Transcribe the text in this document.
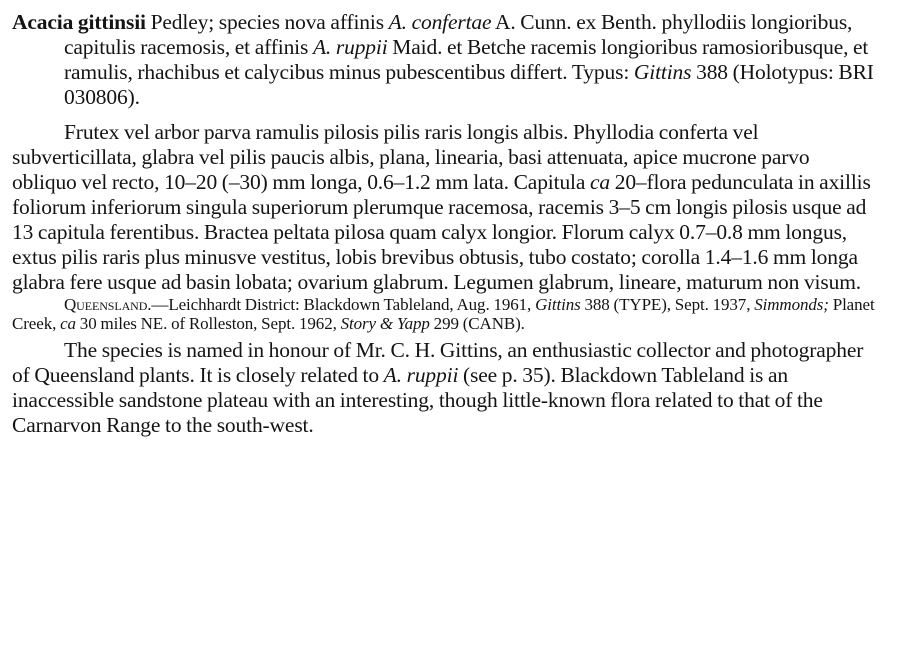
Acacia gittinsii Pedley; species nova affinis A. confertae A. Cunn. ex Benth. phyllodiis longioribus, capitulis racemosis, et affinis A. ruppii Maid. et Betche racemis longioribus ramosioribusque, et ramulis, rhachibus et calycibus minus pubescentibus differt. Typus: Gittins 388 (Holotypus: BRI 030806).

Frutex vel arbor parva ramulis pilosis pilis raris longis albis. Phyllodia conferta vel subverticillata, glabra vel pilis paucis albis, plana, linearia, basi attenuata, apice mucrone parvo obliquo vel recto, 10–20 (–30) mm longa, 0.6–1.2 mm lata. Capitula ca 20–flora pedunculata in axillis foliorum inferiorum singula superiorum plerumque racemosa, racemis 3–5 cm longis pilosis usque ad 13 capitula ferentibus. Bractea peltata pilosa quam calyx longior. Florum calyx 0.7–0.8 mm longus, extus pilis raris plus minusve vestitus, lobis brevibus obtusis, tubo costato; corolla 1.4–1.6 mm longa glabra fere usque ad basin lobata; ovarium glabrum. Legumen glabrum, lineare, maturum non visum.

Queensland.—Leichhardt District: Blackdown Tableland, Aug. 1961, Gittins 388 (TYPE), Sept. 1937, Simmonds; Planet Creek, ca 30 miles NE. of Rolleston, Sept. 1962, Story & Yapp 299 (CANB).

The species is named in honour of Mr. C. H. Gittins, an enthusiastic collector and photographer of Queensland plants. It is closely related to A. ruppii (see p. 35). Blackdown Tableland is an inaccessible sandstone plateau with an interesting, though little-known flora related to that of the Carnarvon Range to the south-west.
